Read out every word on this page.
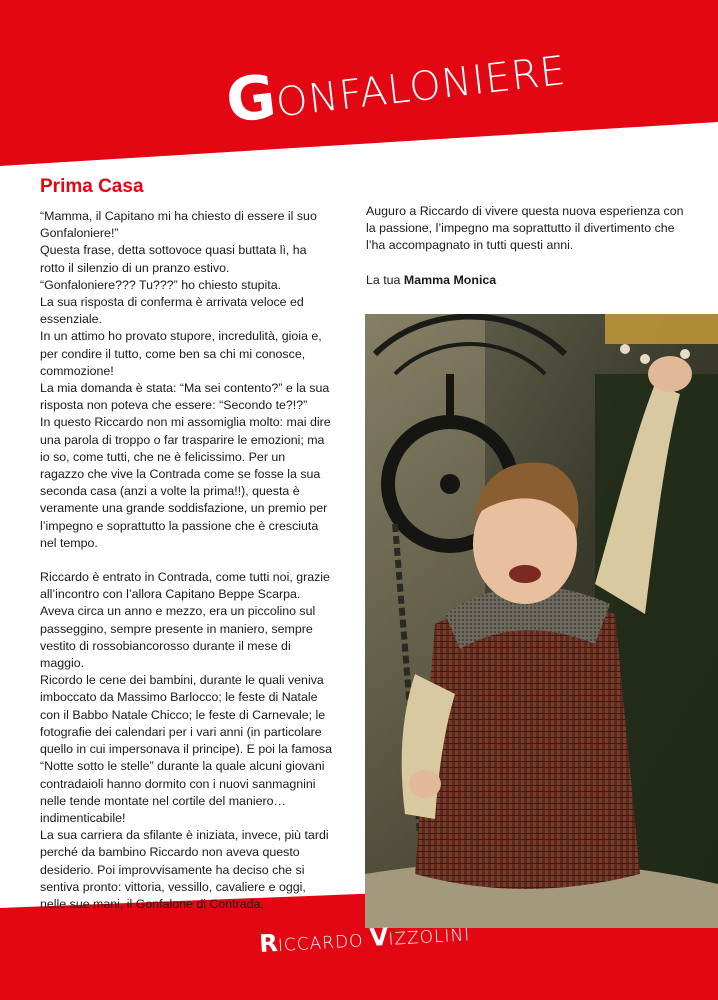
GONFALONIERE
Prima Casa

“Mamma, il Capitano mi ha chiesto di essere il suo Gonfaloniere!”

Questa frase, detta sottovoce quasi buttata lì, ha rotto il silenzio di un pranzo estivo.

“Gonfaloniere??? Tu???” ho chiesto stupita.

La sua risposta di conferma è arrivata veloce ed essenziale.

In un attimo ho provato stupore, incredulità, gioia e, per condire il tutto, come ben sa chi mi conosce, commozione!

La mia domanda è stata: “Ma sei contento?” e la sua risposta non poteva che essere: “Secondo te?!?”

In questo Riccardo non mi assomiglia molto: mai dire una parola di troppo o far trasparire le emozioni; ma io so, come tutti, che ne è felicissimo. Per un ragazzo che vive la Contrada come se fosse la sua seconda casa (anzi a volte la prima!!), questa è veramente una grande soddisfazione, un premio per l’impegno e soprattutto la passione che è cresciuta nel tempo.

Riccardo è entrato in Contrada, come tutti noi, grazie all’incontro con l’allora Capitano Beppe Scarpa. Aveva circa un anno e mezzo, era un piccolino sul passeggino, sempre presente in maniero, sempre vestito di rossobiancorosso durante il mese di maggio.

Ricordo le cene dei bambini, durante le quali veniva imboccato da Massimo Barlocco; le feste di Natale con il Babbo Natale Chicco; le feste di Carnevale; le fotografie dei calendari per i vari anni (in particolare quello in cui impersonava il principe). E poi la famosa “Notte sotto le stelle” durante la quale alcuni giovani contradaioli hanno dormito con i nuovi sanmagnini nelle tende montate nel cortile del maniero…indimenticabile!

La sua carriera da sfilante è iniziata, invece, più tardi perché da bambino Riccardo non aveva questo desiderio. Poi improvvisamente ha deciso che si sentiva pronto: vittoria, vessillo, cavaliere e oggi, nelle sue mani, il Gonfalone di Contrada.

Auguro a Riccardo di vivere questa nuova esperienza con la passione, l’impegno ma soprattutto il divertimento che l’ha accompagnato in tutti questi anni.

La tua Mamma Monica

RICCARDO VIZZOLINI
